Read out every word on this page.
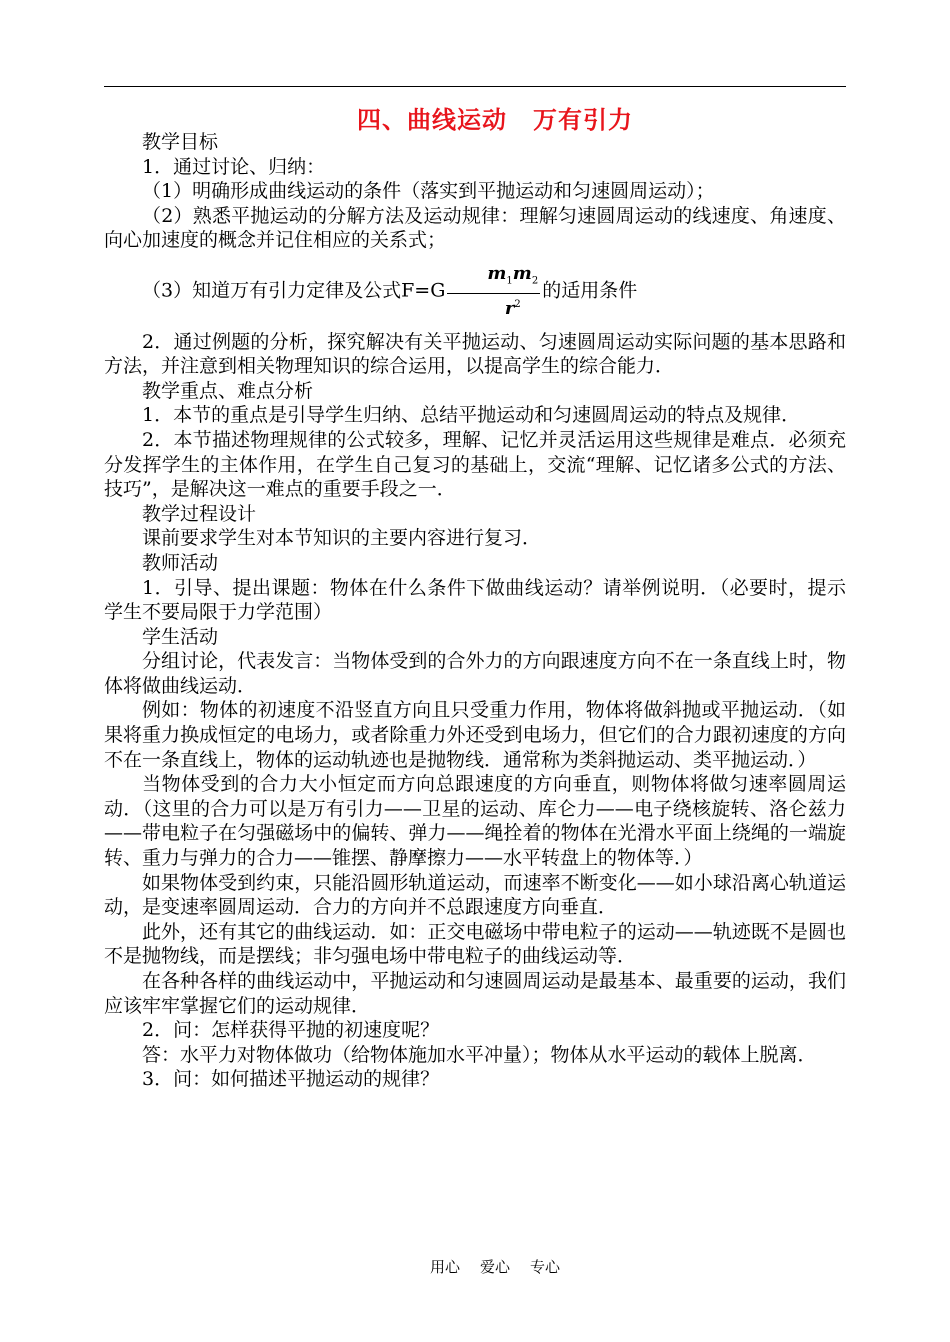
四、曲线运动 万有引力

教学目标

1．通过讨论、归纳：

（1）明确形成曲线运动的条件（落实到平抛运动和匀速圆周运动）；

（2）熟悉平抛运动的分解方法及运动规律：理解匀速圆周运动的线速度、角速度、向心加速度的概念并记住相应的关系式；

（3）知道万有引力定律及公式$F=G \frac{m_1m_2}{r^2}$ 的适用条件

2．通过例题的分析，探究解决有关平抛运动、匀速圆周运动实际问题的基本思路和方法，并注意到相关物理知识的综合运用，以提高学生的综合能力．

教学重点、难点分析

1．本节的重点是引导学生归纳、总结平抛运动和匀速圆周运动的特点及规律．

2．本节描述物理规律的公式较多，理解、记忆并灵活运用这些规律是难点．必须充分发挥学生的主体作用，在学生自己复习的基础上，交流“理解、记忆诸多公式的方法、技巧”，是解决这一难点的重要手段之一．

教学过程设计

课前要求学生对本节知识的主要内容进行复习．

教师活动

1．引导、提出课题：物体在什么条件下做曲线运动？请举例说明．（必要时，提示学生不要局限于力学范围）

学生活动

分组讨论，代表发言：当物体受到的合外力的方向跟速度方向不在一条直线上时，物体将做曲线运动．

例如：物体的初速度不沿竖直方向且只受重力作用，物体将做斜抛或平抛运动．（如果将重力换成恒定的电场力，或者除重力外还受到电场力，但它们的合力跟初速度的方向不在一条直线上，物体的运动轨迹也是抛物线．通常称为类斜抛运动、类平抛运动．）

当物体受到的合力大小恒定而方向总跟速度的方向垂直，则物体将做匀速率圆周运动．（这里的合力可以是万有引力——卫星的运动、库仑力——电子绕核旋转、洛仑兹力——带电粒子在匀强磁场中的偏转、弹力——绳拴着的物体在光滑水平面上绕绳的一端旋转、重力与弹力的合力——锥摆、静摩擦力——水平转盘上的物体等．）

如果物体受到约束，只能沿圆形轨道运动，而速率不断变化——如小球沿离心轨道运动，是变速率圆周运动．合力的方向并不总跟速度方向垂直．

此外，还有其它的曲线运动．如：正交电磁场中带电粒子的运动——轨迹既不是圆也不是抛物线，而是摆线；非匀强电场中带电粒子的曲线运动等．

在各种各样的曲线运动中，平抛运动和匀速圆周运动是最基本、最重要的运动，我们应该牢牢掌握它们的运动规律．

2．问：怎样获得平抛的初速度呢？

答：水平力对物体做功（给物体施加水平冲量）；物体从水平运动的载体上脱离．

3．问：如何描述平抛运动的规律？

用心 爱心 专心
